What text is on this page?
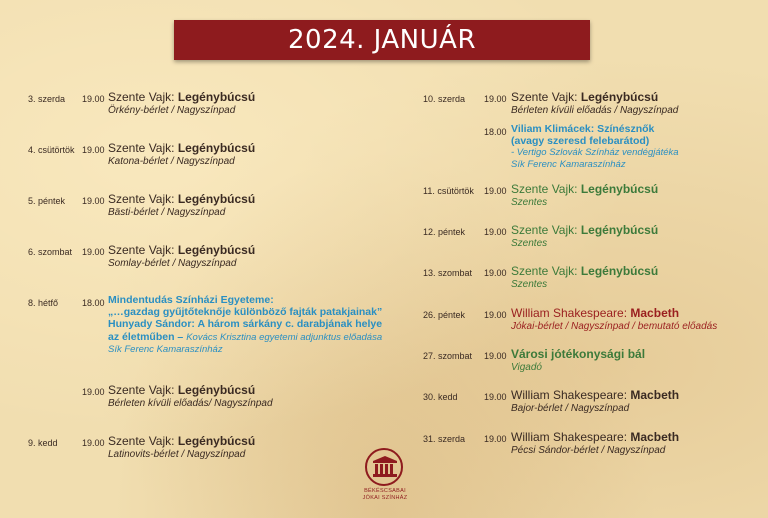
2024. JANUÁR
3. szerda 19.00 Szente Vajk: Legénybúcsú
Örkény-bérlet / Nagyszínpad
4. csütörtök 19.00 Szente Vajk: Legénybúcsú
Katona-bérlet / Nagyszínpad
5. péntek 19.00 Szente Vajk: Legénybúcsú
Bästi-bérlet / Nagyszínpad
6. szombat 19.00 Szente Vajk: Legénybúcsú
Somlay-bérlet / Nagyszínpad
8. hétfő	18.00 Mindentudás Színházi Egyeteme:
„…gazdag gyűjtőteknője különböző fajták patakjainak”
Hunyady Sándor: A három sárkány c. darabjának helye
az életműben – Kovács Krisztina egyetemi adjunktus előadása
Sík Ferenc Kamaraszínház
19.00 Szente Vajk: Legénybúcsú
Bérleten kívüli előadás/ Nagyszínpad
9. kedd	19.00 Szente Vajk: Legénybúcsú
Latinovits-bérlet / Nagyszínpad
10. szerda 19.00 Szente Vajk: Legénybúcsú
Bérleten kívüli előadás / Nagyszínpad
18.00 Viliam Klimácek: Színésznők
(avagy szeresd felebarátod)
- Vertigo Szlovák Színház vendégjátéka
Sík Ferenc Kamaraszínház
11. csütörtök 19.00 Szente Vajk: Legénybúcsú
Szentes
12. péntek 19.00 Szente Vajk: Legénybúcsú
Szentes
13. szombat 19.00 Szente Vajk: Legénybúcsú
Szentes
26. péntek 19.00 William Shakespeare: Macbeth
Jókai-bérlet / Nagyszínpad / bemutató előadás
27. szombat 19.00 Városi jótékonysági bál
Vigadó
30. kedd	19.00 William Shakespeare: Macbeth
Bajor-bérlet / Nagyszínpad
31. szerda 19.00 William Shakespeare: Macbeth
Pécsi Sándor-bérlet / Nagyszínpad
BÉKÉSCSABAI
JÓKAI SZÍNHÁZ
